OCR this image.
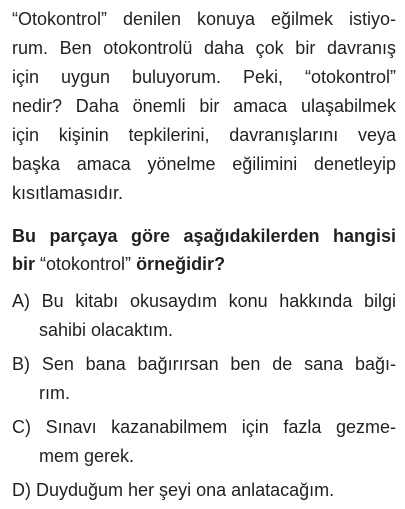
“Otokontrol” denilen konuya eğilmek istiyo-
rum. Ben otokontrolü daha çok bir davranış
için uygun buluyorum. Peki, “otokontrol”
nedir? Daha önemli bir amaca ulaşabilmek
için kişinin tepkilerini, davranışlarını veya
başka amaca yönelme eğilimini denetleyip
kısıtlamasıdır.
Bu parçaya göre aşağıdakilerden hangisi
bir “otokontrol” örneğidir?
A) Bu kitabı okusaydım konu hakkında bilgi
sahibi olacaktım.
B) Sen bana bağırırsan ben de sana bağı-
rım.
C) Sınavı kazanabilmem için fazla gezme-
mem gerek.
D) Duyduğum her şeyi ona anlatacağım.
